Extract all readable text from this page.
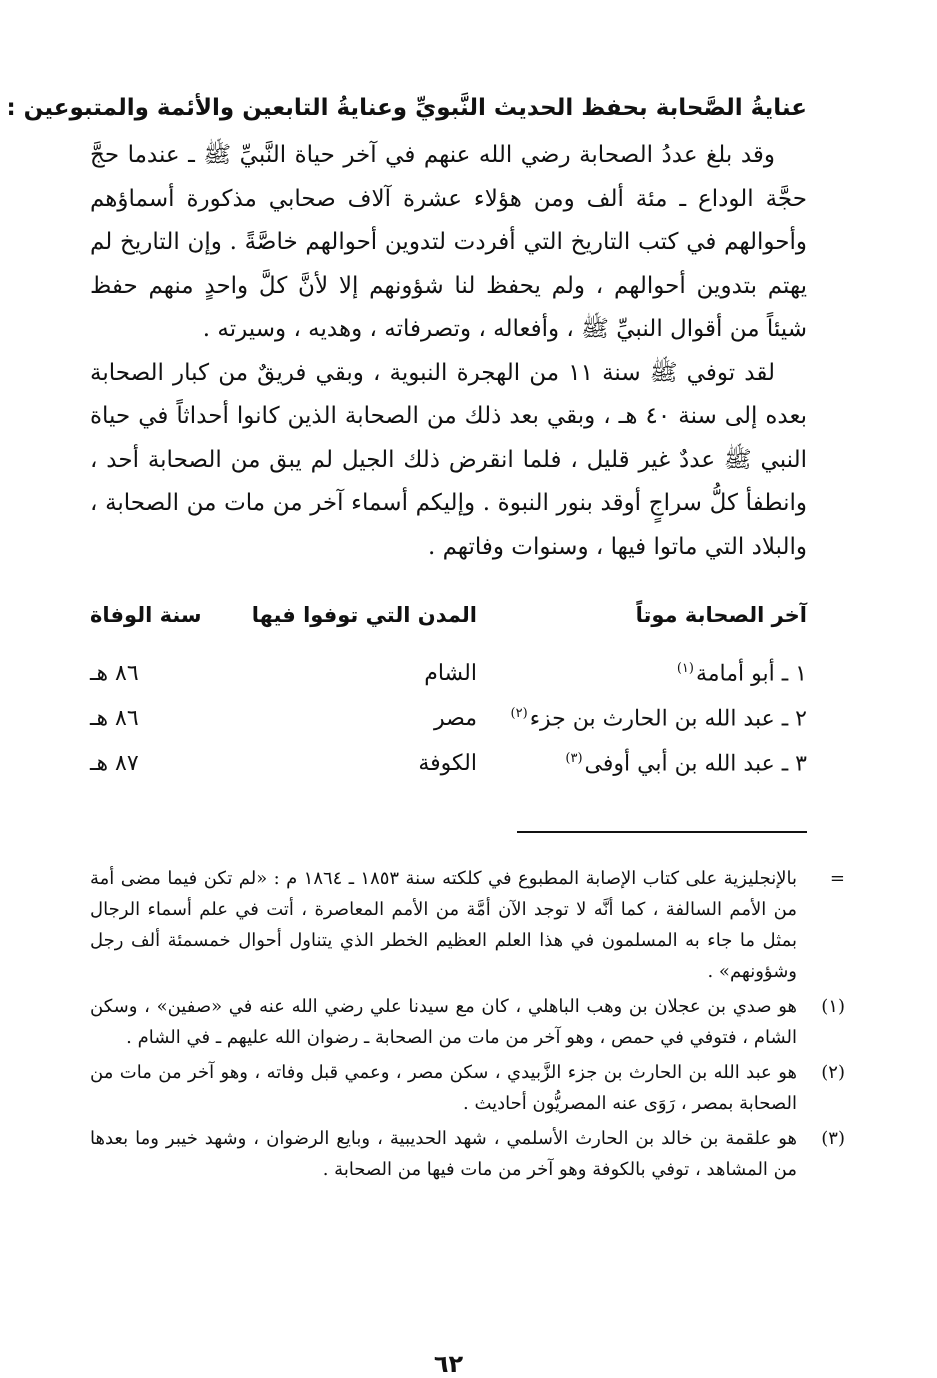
عنايةُ الصَّحابة بحفظ الحديث النَّبويِّ وعنايةُ التابعين والأئمة والمتبوعين :

وقد بلغ عددُ الصحابة رضي الله عنهم في آخر حياة النَّبيِّ ﷺ ـ عندما حجَّ حجَّة الوداع ـ مئة ألف ومن هؤلاء عشرة آلاف صحابي مذكورة أسماؤهم وأحوالهم في كتب التاريخ التي أفردت لتدوين أحوالهم خاصَّةً . وإن التاريخ لم يهتم بتدوين أحوالهم ، ولم يحفظ لنا شؤونهم إلا لأنَّ كلَّ واحدٍ منهم حفظ شيئاً من أقوال النبيِّ ﷺ ، وأفعاله ، وتصرفاته ، وهديه ، وسيرته .

لقد توفي ﷺ سنة ١١ من الهجرة النبوية ، وبقي فريقٌ من كبار الصحابة بعده إلى سنة ٤٠ هـ ، وبقي بعد ذلك من الصحابة الذين كانوا أحداثاً في حياة النبي ﷺ عددٌ غير قليل ، فلما انقرض ذلك الجيل لم يبق من الصحابة أحد ، وانطفأ كلُّ سراجٍ أوقد بنور النبوة . وإليكم أسماء آخر من مات من الصحابة ، والبلاد التي ماتوا فيها ، وسنوات وفاتهم .

آخر الصحابة موتاً
المدن التي توفوا فيها
سنة الوفاة
١ ـ أبو أمامة$^{(١)}$
الشام
٨٦ هـ
٢ ـ عبد الله بن الحارث بن جزء$^{(٢)}$
مصر
٨٦ هـ
٣ ـ عبد الله بن أبي أوفى$^{(٣)}$
الكوفة
٨٧ هـ
=
بالإنجليزية على كتاب الإصابة المطبوع في كلكته سنة ١٨٥٣ ـ ١٨٦٤ م : «لم تكن فيما مضى أمة من الأمم السالفة ، كما أنَّه لا توجد الآن أمَّة من الأمم المعاصرة ، أتت في علم أسماء الرجال بمثل ما جاء به المسلمون في هذا العلم العظيم الخطر الذي يتناول أحوال خمسمئة ألف رجل وشؤونهم» .
(١)
هو صدي بن عجلان بن وهب الباهلي ، كان مع سيدنا علي رضي الله عنه في «صفين» ، وسكن الشام ، فتوفي في حمص ، وهو آخر من مات من الصحابة ـ رضوان الله عليهم ـ في الشام .
(٢)
هو عبد الله بن الحارث بن جزء الزَّبيدي ، سكن مصر ، وعمي قبل وفاته ، وهو آخر من مات من الصحابة بمصر ، رَوَى عنه المصريُّون أحاديث .
(٣)
هو علقمة بن خالد بن الحارث الأسلمي ، شهد الحديبية ، وبايع الرضوان ، وشهد خيبر وما بعدها من المشاهد ، توفي بالكوفة وهو آخر من مات فيها من الصحابة .
٦٢
